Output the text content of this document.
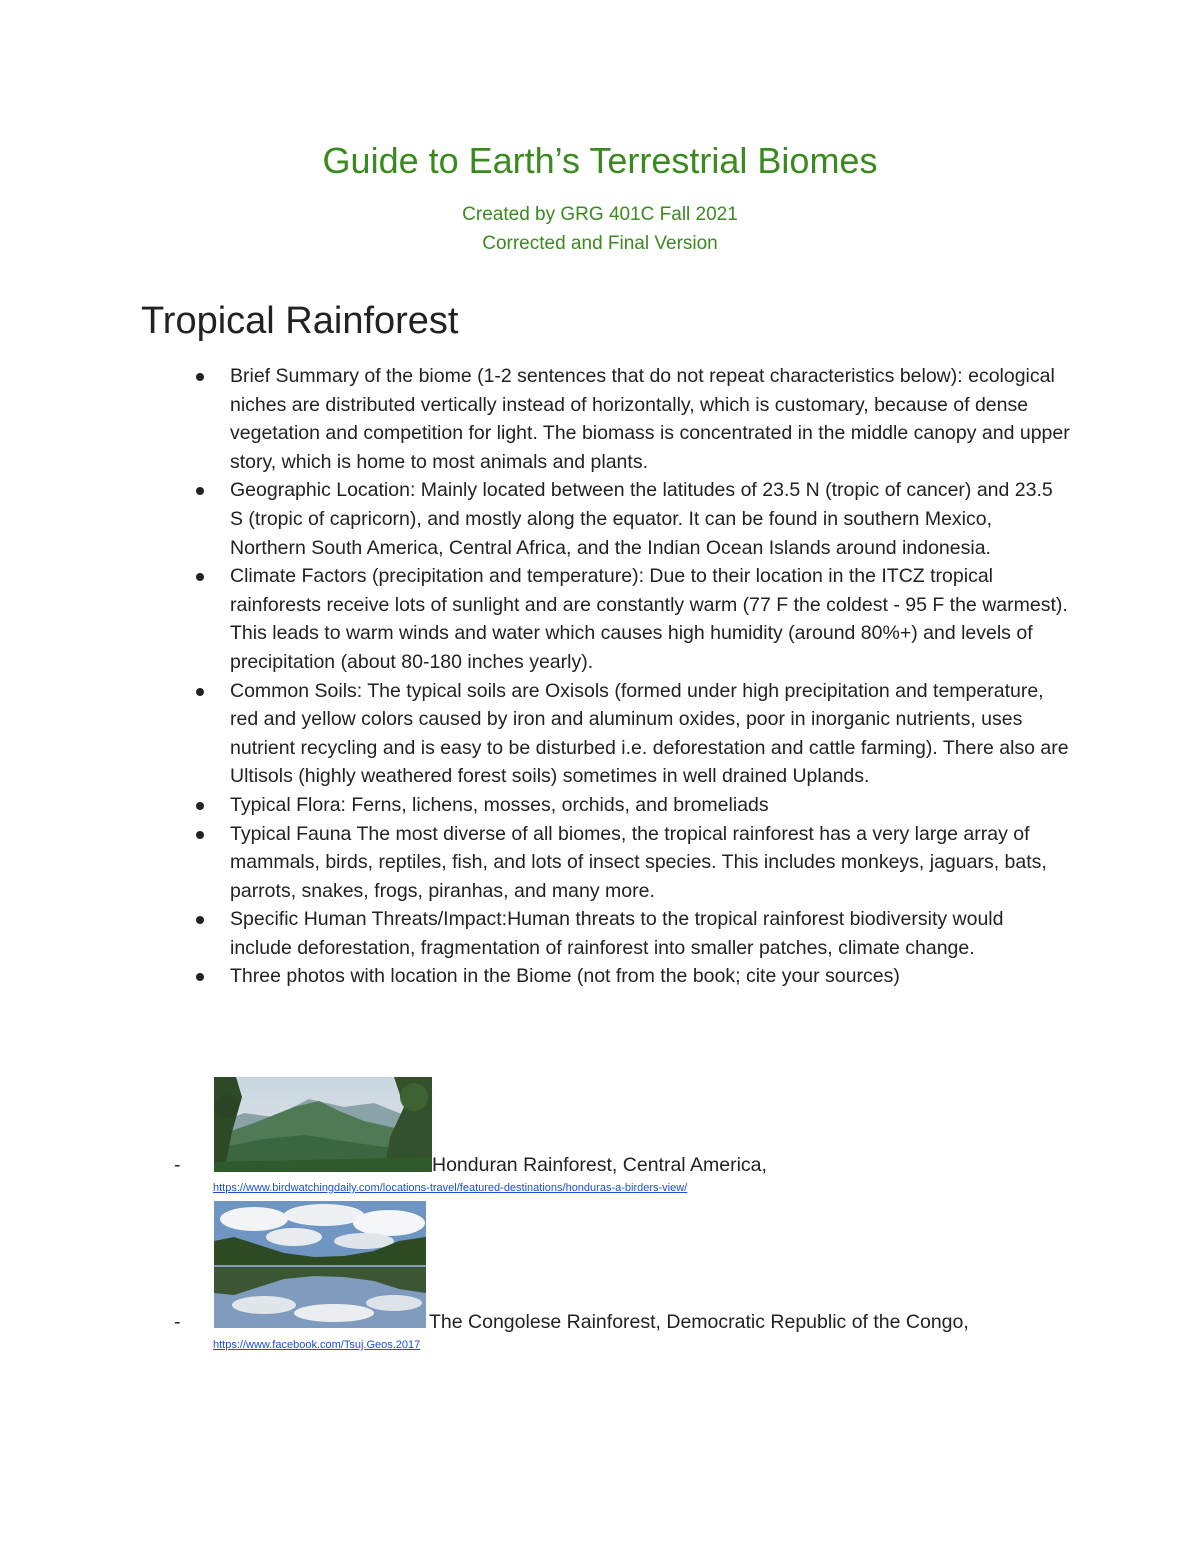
Guide to Earth’s Terrestrial Biomes
Created by GRG 401C Fall 2021
Corrected and Final Version
Tropical Rainforest
Brief Summary of the biome (1-2 sentences that do not repeat characteristics below): ecological niches are distributed vertically instead of horizontally, which is customary, because of dense vegetation and competition for light. The biomass is concentrated in the middle canopy and upper story, which is home to most animals and plants.
Geographic Location: Mainly located between the latitudes of 23.5 N (tropic of cancer) and 23.5 S (tropic of capricorn), and mostly along the equator. It can be found in southern Mexico, Northern South America, Central Africa, and the Indian Ocean Islands around indonesia.
Climate Factors (precipitation and temperature): Due to their location in the ITCZ tropical rainforests receive lots of sunlight and are constantly warm (77 F the coldest - 95 F the warmest). This leads to warm winds and water which causes high humidity (around 80%+) and levels of precipitation (about 80-180 inches yearly).
Common Soils: The typical soils are Oxisols (formed under high precipitation and temperature, red and yellow colors caused by iron and aluminum oxides, poor in inorganic nutrients, uses nutrient recycling and is easy to be disturbed i.e. deforestation and cattle farming). There also are Ultisols (highly weathered forest soils) sometimes in well drained Uplands.
Typical Flora: Ferns, lichens, mosses, orchids, and bromeliads
Typical Fauna The most diverse of all biomes, the tropical rainforest has a very large array of mammals, birds, reptiles, fish, and lots of insect species. This includes monkeys, jaguars, bats, parrots, snakes, frogs, piranhas, and many more.
Specific Human Threats/Impact:Human threats to the tropical rainforest biodiversity would include deforestation, fragmentation of rainforest into smaller patches, climate change.
Three photos with location in the Biome (not from the book; cite your sources)
-	Honduran Rainforest, Central America,
https://www.birdwatchingdaily.com/locations-travel/featured-destinations/honduras-a-birders-view/
-	The Congolese Rainforest, Democratic Republic of the Congo,
https://www.facebook.com/Tsuj.Geos.2017
